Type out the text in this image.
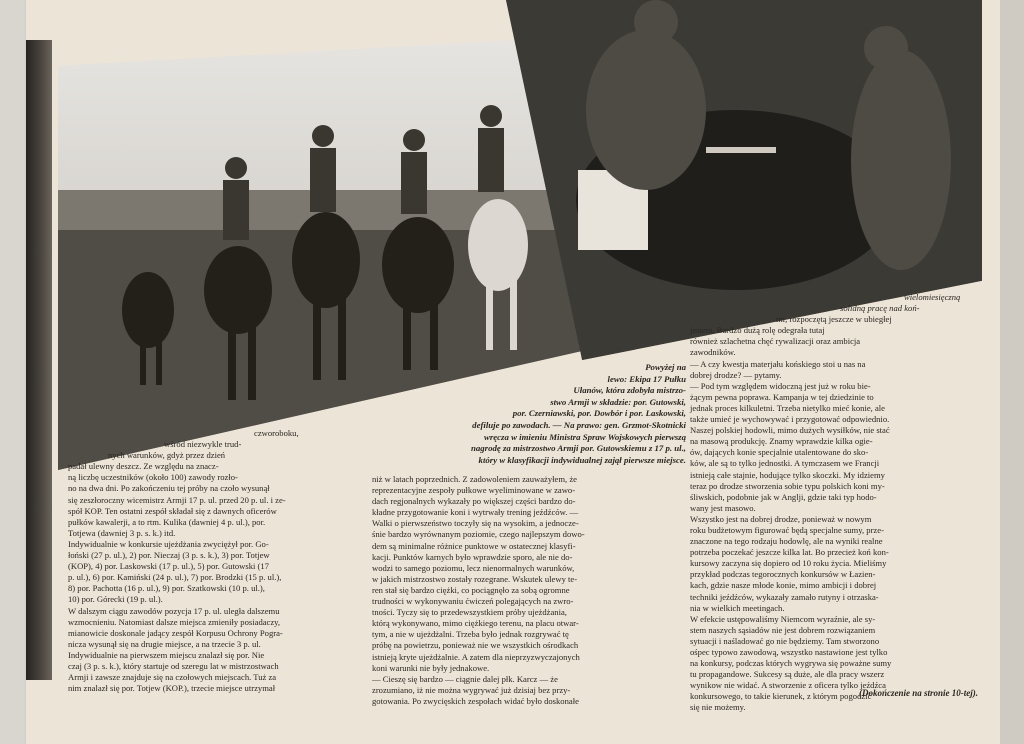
Powyżej na
lewo: Ekipa 17 Pułku
Ułanów, która zdobyła mistrzo-
stwo Armji w składzie: por. Gutowski,
por. Czerniawski, por. Dowbór i por. Laskowski,
defiluje po zawodach. — Na prawo: gen. Grzmot-Skotnicki
wręcza w imieniu Ministra Spraw Wojskowych pierwszą
nagrodę za mistrzostwo Armji por. Gutowskiemu z 17 p. ul.,
który w klasyfikacji indywidualnej zajął pierwsze miejsce.
czworoboku,
wśród niezwykle trud-
nych warunków, gdyż przez dzień
padał ulewny deszcz. Ze względu na znacz-
ną liczbę uczestników (około 100) zawody rozło-
no na dwa dni. Po zakończeniu tej próby na czoło wysunął
się zeszłoroczny wicemistrz Armji 17 p. ul. przed 20 p. ul. i ze-
spół KOP. Ten ostatni zespół składał się z dawnych oficerów
pułków kawalerji, a to rtm. Kulika (dawniej 4 p. ul.), por.
Totjewa (dawniej 3 p. s. k.) itd.
Indywidualnie w konkursie ujeżdżania zwyciężył por. Go-
łoński (27 p. ul.), 2) por. Nieczaj (3 p. s. k.), 3) por. Totjew
(KOP), 4) por. Laskowski (17 p. ul.), 5) por. Gutowski (17
p. ul.), 6) por. Kamiński (24 p. ul.), 7) por. Brodzki (15 p. ul.),
8) por. Pachotta (16 p. ul.), 9) por. Szatkowski (10 p. ul.),
10) por. Górecki (19 p. ul.).
W dalszym ciągu zawodów pozycja 17 p. ul. uległa dalszemu
wzmocnieniu. Natomiast dalsze miejsca zmieniły posiadaczy,
mianowicie doskonale jadący zespół Korpusu Ochrony Pogra-
nicza wysunął się na drugie miejsce, a na trzecie 3 p. ul.
Indywidualnie na pierwszem miejscu znalazł się por. Nie
czaj (3 p. s. k.), który startuje od szeregu lat w mistrzostwach
Armji i zawsze znajduje się na czołowych miejscach. Tuż za
nim znalazł się por. Totjew (KOP.), trzecie miejsce utrzymał
niż w latach poprzednich. Z zadowoleniem zauważyłem, że
reprezentacyjne zespoły pułkowe wyeliminowane w zawo-
dach regjonalnych wykazały po większej części bardzo do-
kładne przygotowanie koni i wytrwały trening jeźdźców. —
Walki o pierwszeństwo toczyły się na wysokim, a jednocze-
śnie bardzo wyrównanym poziomie, czego najlepszym dowo-
dem są minimalne różnice punktowe w ostatecznej klasyfi-
kacji. Punktów karnych było wprawdzie sporo, ale nie do-
wodzi to samego poziomu, lecz nienormalnych warunków,
w jakich mistrzostwo zostały rozegrane. Wskutek ulewy te-
ren stał się bardzo ciężki, co pociągnęło za sobą ogromne
trudności w wykonywaniu ćwiczeń polegających na zwro-
tności. Tyczy się to przedewszystkiem próby ujeżdżania,
którą wykonywano, mimo ciężkiego terenu, na placu otwar-
tym, a nie w ujeżdżalni. Trzeba było jednak rozgrywać tę
próbę na powietrzu, ponieważ nie we wszystkich ośrodkach
istnieją kryte ujeżdżalnie. A zatem dla nieprzyzwyczajonych
koni warunki nie były jednakowe.
— Cieszę się bardzo — ciągnie dalej płk. Karcz — że
zrozumiano, iż nie można wygrywać już dzisiaj bez przy-
gotowania. Po zwycięskich zespołach widać było doskonałe
wielomiesięczną
solidną pracę nad koń-
mi, rozpoczętą jeszcze w ubiegłej
jesieni. Bardzo dużą rolę odegrała tutaj
również szlachetna chęć rywalizacji oraz ambicja
zawodników.
— A czy kwestja materjału końskiego stoi u nas na
dobrej drodze? — pytamy.
— Pod tym względem widoczną jest już w roku bie-
żącym pewna poprawa. Kampanja w tej dziedzinie to
jednak proces kilkuletni. Trzeba nietylko mieć konie, ale
także umieć je wychowywać i przygotować odpowiednio.
Naszej polskiej hodowli, mimo dużych wysiłków, nie stać
na masową produkcję. Znamy wprawdzie kilka ogie-
ów, dających konie specjalnie utalentowane do sko-
ków, ale są to tylko jednostki. A tymczasem we Francji
istnieją całe stajnie, hodujące tylko skoczki. My idziemy
teraz po drodze stworzenia sobie typu polskich koni my-
śliwskich, podobnie jak w Anglji, gdzie taki typ hodo-
wany jest masowo.
Wszystko jest na dobrej drodze, ponieważ w nowym
roku budżetowym figurować będą specjalne sumy, prze-
znaczone na tego rodzaju hodowlę, ale na wyniki realne
potrzeba poczekać jeszcze kilka lat. Bo przecież koń kon-
kursowy zaczyna się dopiero od 10 roku życia. Mieliśmy
przykład podczas tegorocznych konkursów w Łazien-
kach, gdzie nasze młode konie, mimo ambicji i dobrej
techniki jeźdźców, wykazały zamało rutyny i otrzaska-
nia w wielkich meetingach.
W efekcie ustępowaliśmy Niemcom wyraźnie, ale sy-
stem naszych sąsiadów nie jest dobrem rozwiązaniem
sytuacji i naśladować go nie będziemy. Tam stworzono
ośpec typowo zawodową, wszystko nastawione jest tylko
na konkursy, podczas których wygrywa się poważne sumy
tu propagandowe. Sukcesy są duże, ale dla pracy wszerz
wynikow nie widać. A stworzenie z oficera tylko jeźdźca
konkursowego, to takie kierunek, z którym pogodzić
się nie możemy.
(Dokończenie na stronie 10-tej).
